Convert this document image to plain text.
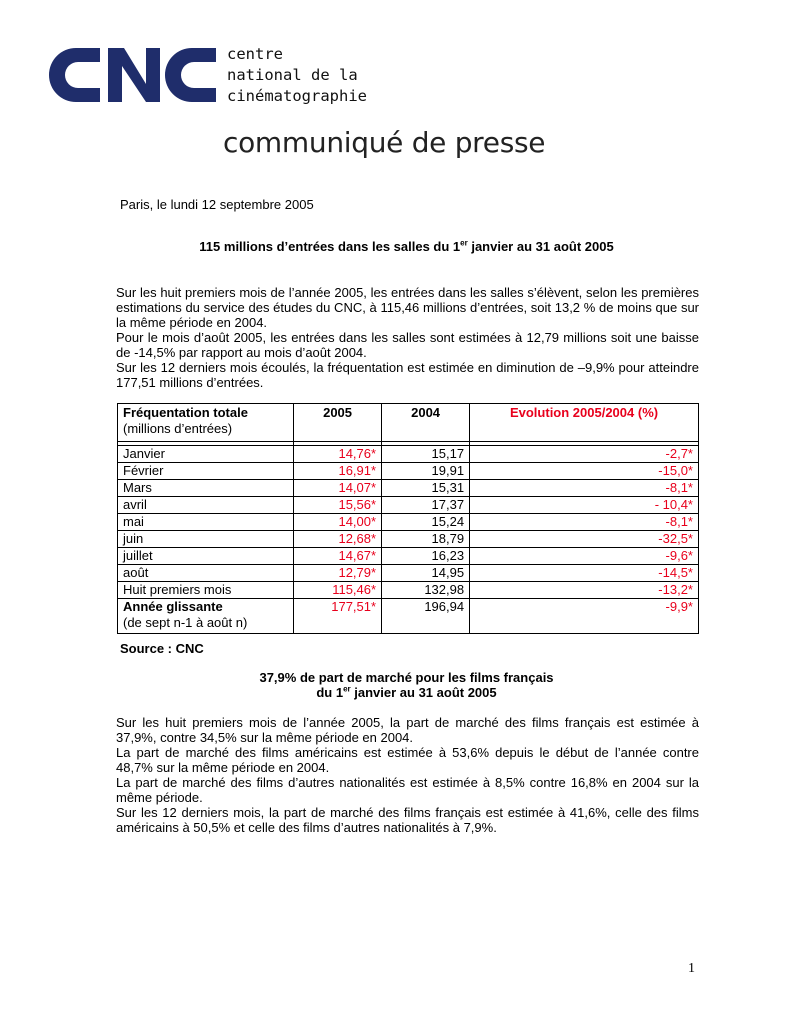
centre
national de la
cinématographie
communiqué de presse

Paris, le lundi 12 septembre 2005

115 millions d’entrées dans les salles du 1er janvier au 31 août 2005

Sur les huit premiers mois de l’année 2005, les entrées dans les salles s’élèvent, selon les premières estimations du service des études du CNC, à 115,46 millions d’entrées, soit 13,2 % de moins que sur la même période en 2004.

Pour le mois d’août 2005, les entrées dans les salles sont estimées à 12,79 millions soit une baisse de -14,5% par rapport au mois d’août 2004.

Sur les 12 derniers mois écoulés, la fréquentation est estimée en diminution de –9,9% pour atteindre 177,51 millions d’entrées.

Fréquentation totale
(millions d’entrées)	2005	2004	Evolution 2005/2004 (%)

Janvier	14,76*	15,17	-2,7*
Février	16,91*	19,91	-15,0*
Mars	14,07*	15,31	-8,1*
avril	15,56*	17,37	- 10,4*
mai	14,00*	15,24	-8,1*
juin	12,68*	18,79	-32,5*
juillet	14,67*	16,23	-9,6*
août	12,79*	14,95	-14,5*
Huit premiers mois	115,46*	132,98	-13,2*
Année glissante
(de sept n-1 à août n)	177,51*	196,94	-9,9*

Source : CNC

37,9% de part de marché pour les films français
du 1er janvier au 31 août 2005

Sur les huit premiers mois de l’année 2005, la part de marché des films français est estimée à 37,9%, contre 34,5% sur la même période en 2004.

La part de marché des films américains est estimée à 53,6% depuis le début de l’année contre 48,7% sur la même période en 2004.

La part de marché des films d’autres nationalités est estimée à 8,5% contre 16,8% en 2004 sur la même période.

Sur les 12 derniers mois, la part de marché des films français est estimée à 41,6%, celle des films américains à 50,5% et celle des films d’autres nationalités à 7,9%.

1
